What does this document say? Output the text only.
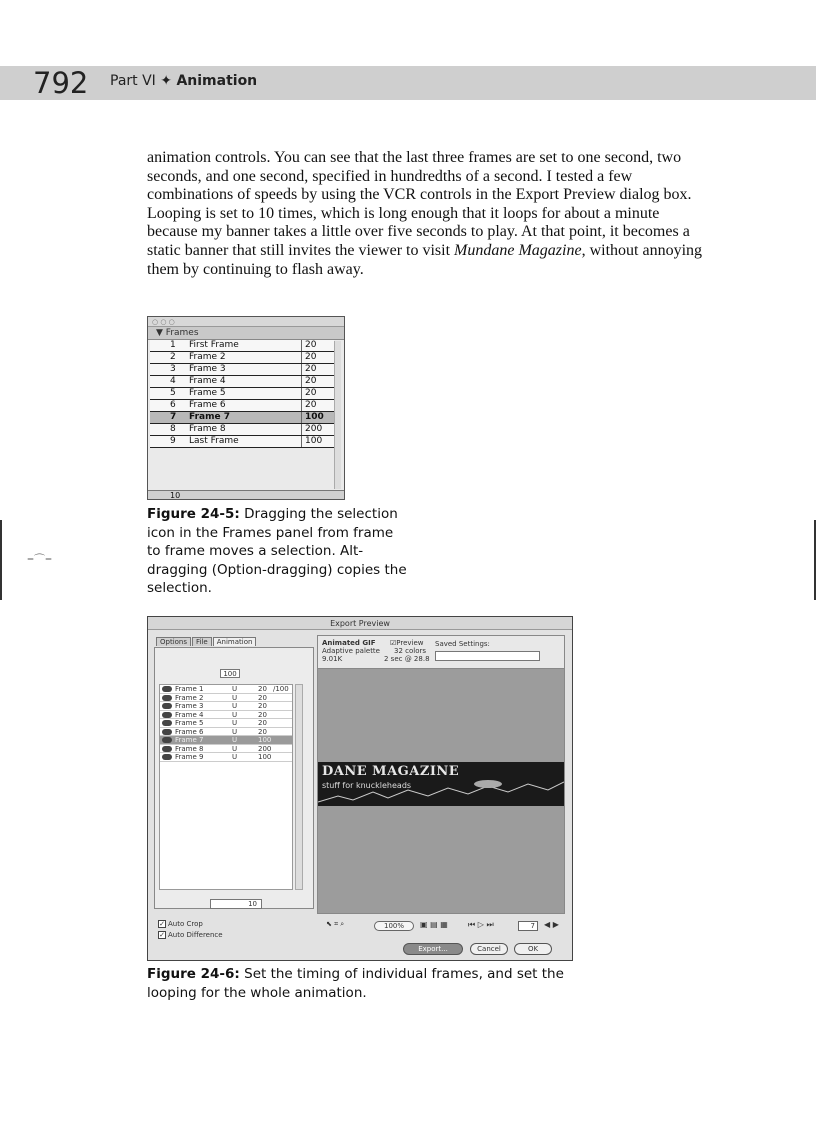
792 Part VI ✦ Animation

animation controls. You can see that the last three frames are set to one second, two seconds, and one second, specified in hundredths of a second. I tested a few combinations of speeds by using the VCR controls in the Export Preview dialog box. Looping is set to 10 times, which is long enough that it loops for about a minute because my banner takes a little over five seconds to play. At that point, it becomes a static banner that still invites the viewer to visit Mundane Magazine, without annoying them by continuing to flash away.

○ ○ ○
▼ Frames
1 First Frame	20
2 Frame 2	20
3 Frame 3	20
4 Frame 4	20
5 Frame 5	20
6 Frame 6	20
7 Frame 7	100
8 Frame 8	200
9 Last Frame	100
10
Figure 24-5: Dragging the selection icon in the Frames panel from frame to frame moves a selection. Alt-dragging (Option-dragging) copies the selection.
–⌒–
Export Preview
Options File Animation
100
Frame 1	U	20 /100
Frame 2	U	20
Frame 3	U	20
Frame 4	U	20
Frame 5	U	20
Frame 6	U	20
Frame 7	U	100
Frame 8	U	200
Frame 9	U	100
10
✓ Auto Crop
✓ Auto Difference
Animated GIF
Adaptive palette
9.01K
☑ Preview
32 colors
2 sec @ 28.8
Saved Settings:
DANE MAGAZINE
stuff for knuckleheads
⬉ ⌗ ⌕	100%	▣ ▤ ▦	⏮ ▷ ⏭	7	◀ ▶
Export...	Cancel	OK
Figure 24-6: Set the timing of individual frames, and set the looping for the whole animation.
